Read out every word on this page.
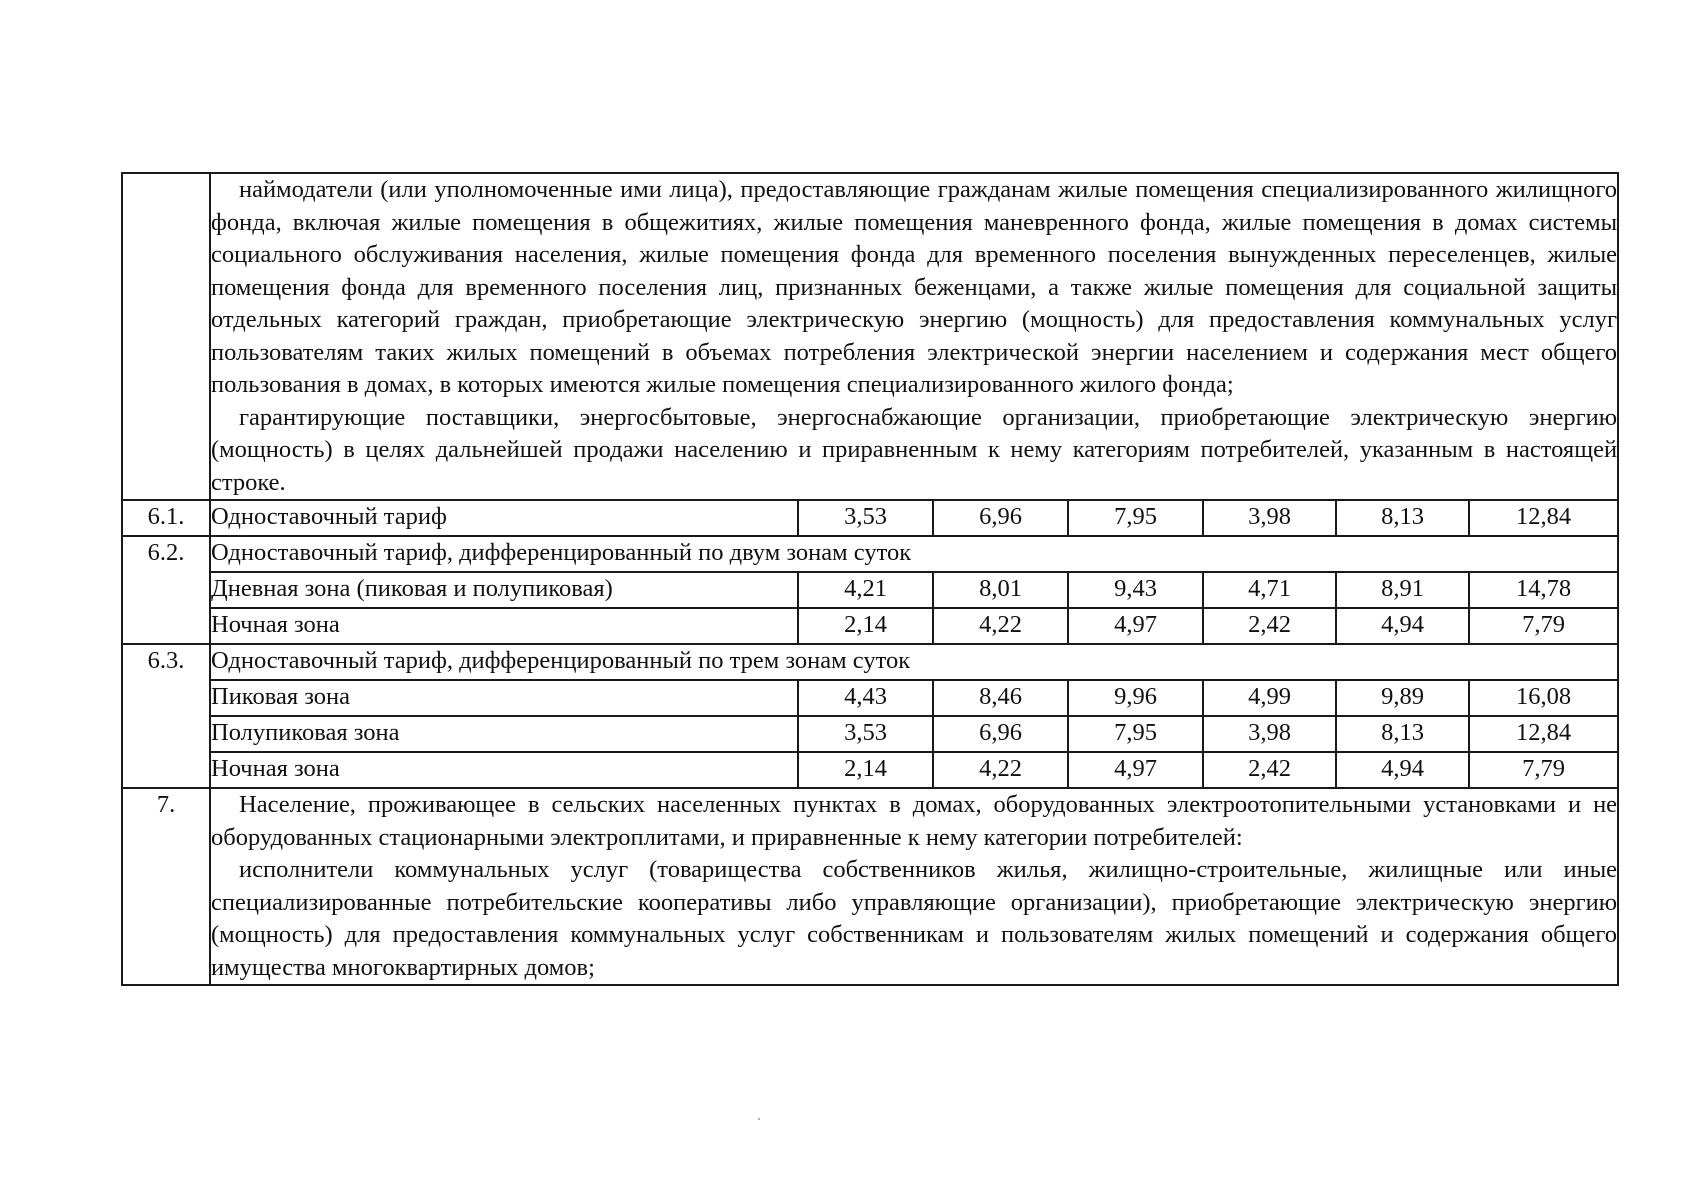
	наймодатели (или уполномоченные ими лица), предоставляющие гражданам жилые помещения специализированного жилищного фонда, включая жилые помещения в общежитиях, жилые помещения маневренного фонда, жилые помещения в домах системы социального обслуживания населения, жилые помещения фонда для временного поселения вынужденных переселенцев, жилые помещения фонда для временного поселения лиц, признанных беженцами, а также жилые помещения для социальной защиты отдельных категорий граждан, приобретающие электрическую энергию (мощность) для предоставления коммунальных услуг пользователям таких жилых помещений в объемах потребления электрической энергии населением и содержания мест общего пользования в домах, в которых имеются жилые помещения специализированного жилого фонда;

гарантирующие поставщики, энергосбытовые, энергоснабжающие организации, приобретающие электрическую энергию (мощность) в целях дальнейшей продажи населению и приравненным к нему категориям потребителей, указанным в настоящей строке.						

6.1.	Одноставочный тариф	3,53	6,96	7,95	3,98	8,13	12,84
6.2.	Одноставочный тариф, дифференцированный по двум зонам суток						
	Дневная зона (пиковая и полупиковая)	4,21	8,01	9,43	4,71	8,91	14,78
	Ночная зона	2,14	4,22	4,97	2,42	4,94	7,79
6.3.	Одноставочный тариф, дифференцированный по трем зонам суток						
	Пиковая зона	4,43	8,46	9,96	4,99	9,89	16,08
	Полупиковая зона	3,53	6,96	7,95	3,98	8,13	12,84
	Ночная зона	2,14	4,22	4,97	2,42	4,94	7,79
7.	Население, проживающее в сельских населенных пунктах в домах, оборудованных электроотопительными установками и не оборудованных стационарными электроплитами, и приравненные к нему категории потребителей:

исполнители коммунальных услуг (товарищества собственников жилья, жилищно-строительные, жилищные или иные специализированные потребительские кооперативы либо управляющие организации), приобретающие электрическую энергию (мощность) для предоставления коммунальных услуг собственникам и пользователям жилых помещений и содержания общего имущества многоквартирных домов;						
